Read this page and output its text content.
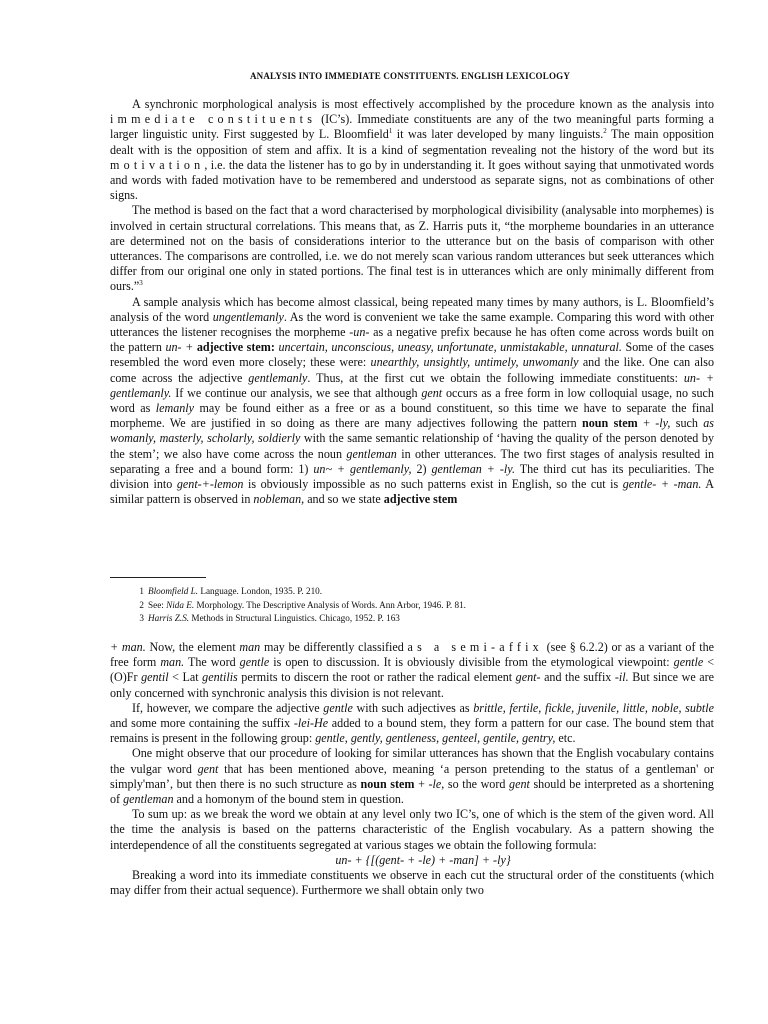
ANALYSIS INTO IMMEDIATE CONSTITUENTS. ENGLISH LEXICOLOGY

A synchronic morphological analysis is most effectively accomplished by the procedure known as the analysis into immediate constituents (IC’s). Immediate constituents are any of the two meaningful parts forming a larger linguistic unity. First suggested by L. Bloomfield$^1$ it was later developed by many linguists.$^2$ The main opposition dealt with is the opposition of stem and affix. It is a kind of segmentation revealing not the history of the word but its motivation, i.e. the data the listener has to go by in understanding it. It goes without saying that unmotivated words and words with faded motivation have to be remembered and understood as separate signs, not as combinations of other signs.

The method is based on the fact that a word characterised by morphological divisibility (analysable into morphemes) is involved in certain structural correlations. This means that, as Z. Harris puts it, “the morpheme boundaries in an utterance are determined not on the basis of considerations interior to the utterance but on the basis of comparison with other utterances. The comparisons are controlled, i.e. we do not merely scan various random utterances but seek utterances which differ from our original one only in stated portions. The final test is in utterances which are only minimally different from ours.”$^3$

A sample analysis which has become almost classical, being repeated many times by many authors, is L. Bloomfield’s analysis of the word ungentlemanly. As the word is convenient we take the same example. Comparing this word with other utterances the listener recognises the morpheme -un- as a negative prefix because he has often come across words built on the pattern un- + adjective stem: uncertain, unconscious, uneasy, unfortunate, unmistakable, unnatural. Some of the cases resembled the word even more closely; these were: unearthly, unsightly, untimely, unwomanly and the like. One can also come across the adjective gentlemanly. Thus, at the first cut we obtain the following immediate constituents: un- + gentlemanly. If we continue our analysis, we see that although gent occurs as a free form in low colloquial usage, no such word as lemanly may be found either as a free or as a bound constituent, so this time we have to separate the final morpheme. We are justified in so doing as there are many adjectives following the pattern noun stem + -ly, such as womanly, masterly, scholarly, soldierly with the same semantic relationship of ‘having the quality of the person denoted by the stem’; we also have come across the noun gentleman in other utterances. The two first stages of analysis resulted in separating a free and a bound form: 1) un~ + gentlemanly, 2) gentleman + -ly. The third cut has its peculiarities. The division into gent-+-lemon is obviously impossible as no such patterns exist in English, so the cut is gentle- + -man. A similar pattern is observed in nobleman, and so we state adjective stem

1 Bloomfield L. Language. London, 1935. P. 210.
2 See: Nida E. Morphology. The Descriptive Analysis of Words. Ann Arbor, 1946. P. 81.
3 Harris Z.S. Methods in Structural Linguistics. Chicago, 1952. P. 163

+ man. Now, the element man may be differently classified as a semi-affix (see § 6.2.2) or as a variant of the free form man. The word gentle is open to discussion. It is obviously divisible from the etymological viewpoint: gentle < (O)Fr gentil < Lat gentilis permits to discern the root or rather the radical element gent- and the suffix -il. But since we are only concerned with synchronic analysis this division is not relevant.

If, however, we compare the adjective gentle with such adjectives as brittle, fertile, fickle, juvenile, little, noble, subtle and some more containing the suffix -lei-He added to a bound stem, they form a pattern for our case. The bound stem that remains is present in the following group: gentle, gently, gentleness, genteel, gentile, gentry, etc.

One might observe that our procedure of looking for similar utterances has shown that the English vocabulary contains the vulgar word gent that has been mentioned above, meaning ‘a person pretending to the status of a gentleman' or simply'man’, but then there is no such structure as noun stem + -le, so the word gent should be interpreted as a shortening of gentleman and a homonym of the bound stem in question.

To sum up: as we break the word we obtain at any level only two IC’s, one of which is the stem of the given word. All the time the analysis is based on the patterns characteristic of the English vocabulary. As a pattern showing the interdependence of all the constituents segregated at various stages we obtain the following formula:

un- + {[(gent- + -le) + -man] + -ly}

Breaking a word into its immediate constituents we observe in each cut the structural order of the constituents (which may differ from their actual sequence). Furthermore we shall obtain only two
